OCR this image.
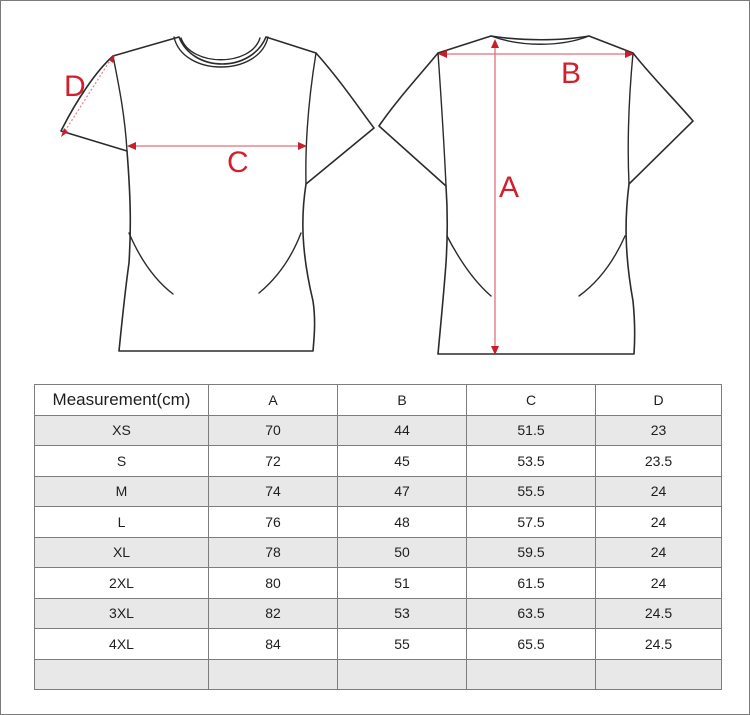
D
C
B
A
Measurement(cm)	A	B	C	D
XS	70	44	51.5	23
S	72	45	53.5	23.5
M	74	47	55.5	24
L	76	48	57.5	24
XL	78	50	59.5	24
2XL	80	51	61.5	24
3XL	82	53	63.5	24.5
4XL	84	55	65.5	24.5
